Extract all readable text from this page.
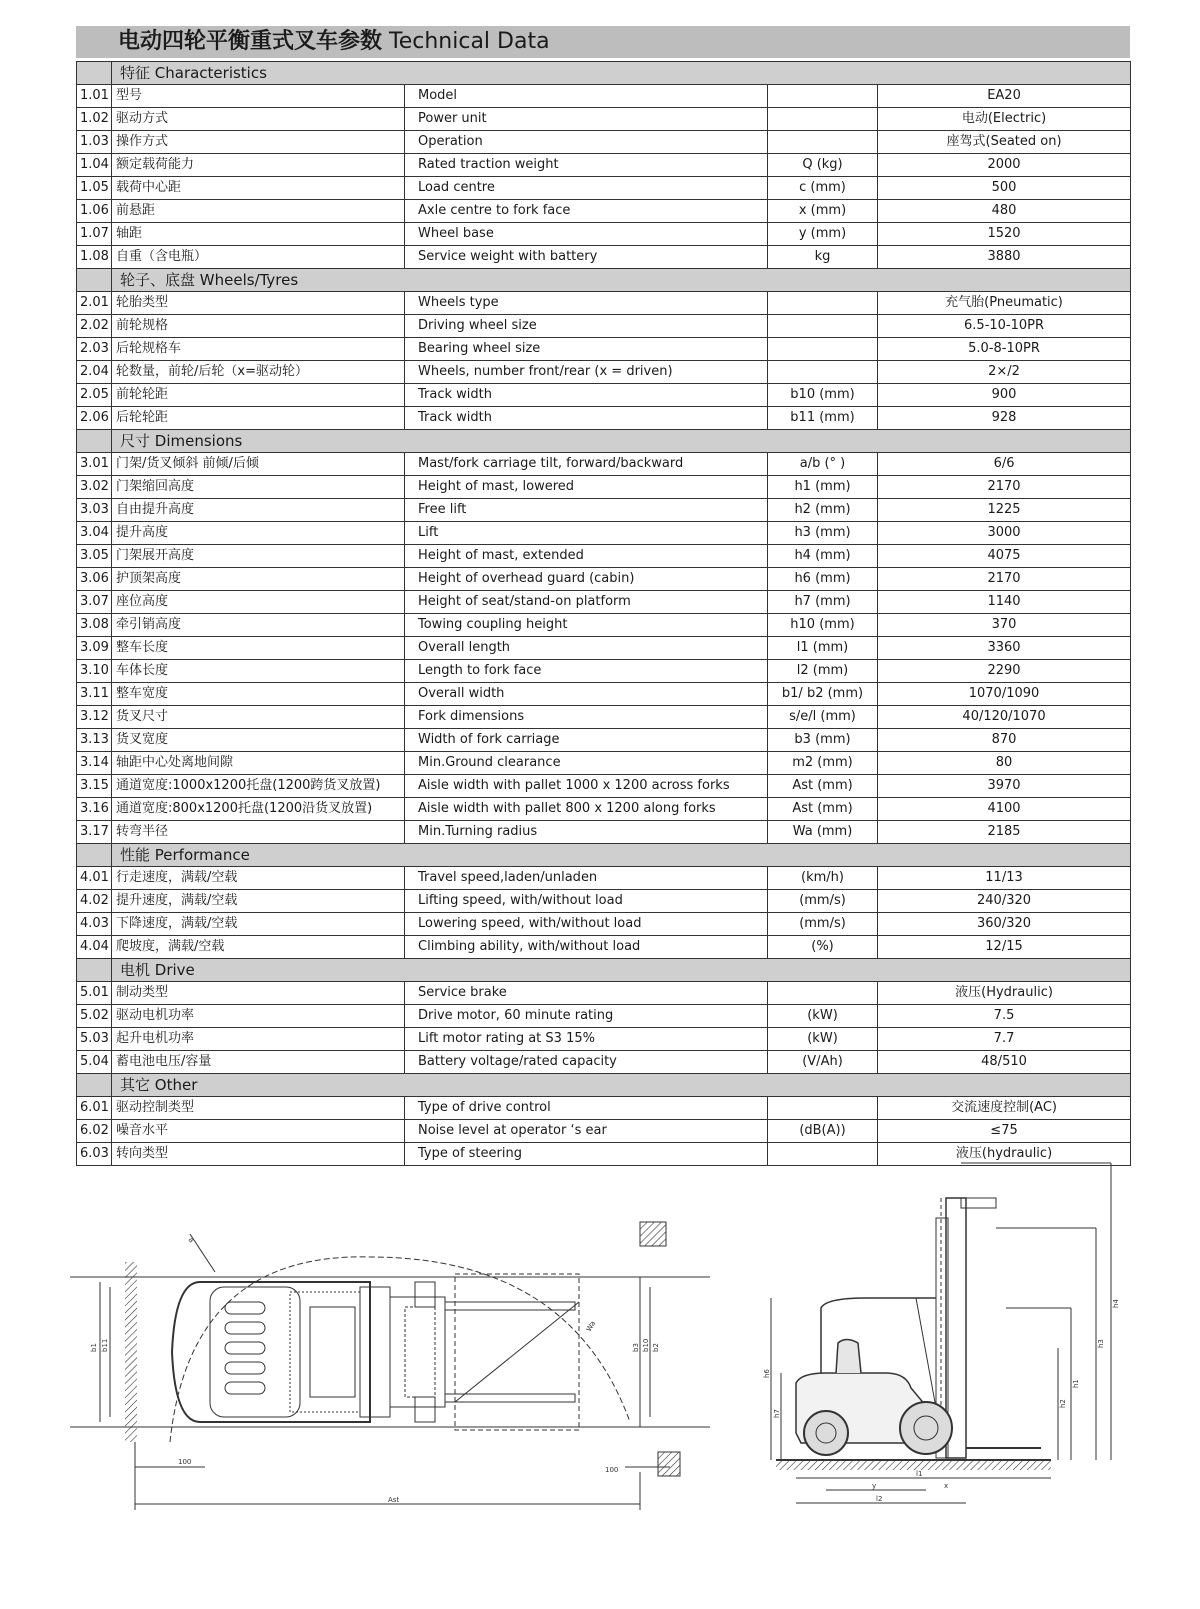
电动四轮平衡重式叉车参数 Technical Data
	特征 Characteristics			
1.01	型号	Model		EA20
1.02	驱动方式	Power unit		电动(Electric)
1.03	操作方式	Operation		座驾式(Seated on)
1.04	额定载荷能力	Rated traction weight	Q (kg)	2000
1.05	载荷中心距	Load centre	c (mm)	500
1.06	前悬距	Axle centre to fork face	x (mm)	480
1.07	轴距	Wheel base	y (mm)	1520
1.08	自重（含电瓶）	Service weight with battery	kg	3880
	轮子、底盘 Wheels/Tyres			
2.01	轮胎类型	Wheels type		充气胎(Pneumatic)
2.02	前轮规格	Driving wheel size		6.5-10-10PR
2.03	后轮规格车	Bearing wheel size		5.0-8-10PR
2.04	轮数量，前轮/后轮（x=驱动轮）	Wheels, number front/rear (x = driven)		2×/2
2.05	前轮轮距	Track width	b10 (mm)	900
2.06	后轮轮距	Track width	b11 (mm)	928
	尺寸 Dimensions			
3.01	门架/货叉倾斜 前倾/后倾	Mast/fork carriage tilt, forward/backward	a/b (° )	6/6
3.02	门架缩回高度	Height of mast, lowered	h1 (mm)	2170
3.03	自由提升高度	Free lift	h2 (mm)	1225
3.04	提升高度	Lift	h3 (mm)	3000
3.05	门架展开高度	Height of mast, extended	h4 (mm)	4075
3.06	护顶架高度	Height of overhead guard (cabin)	h6 (mm)	2170
3.07	座位高度	Height of seat/stand-on platform	h7 (mm)	1140
3.08	牵引销高度	Towing coupling height	h10 (mm)	370
3.09	整车长度	Overall length	l1 (mm)	3360
3.10	车体长度	Length to fork face	l2 (mm)	2290
3.11	整车宽度	Overall width	b1/ b2 (mm)	1070/1090
3.12	货叉尺寸	Fork dimensions	s/e/l (mm)	40/120/1070
3.13	货叉宽度	Width of fork carriage	b3 (mm)	870
3.14	轴距中心处离地间隙	Min.Ground clearance	m2 (mm)	80
3.15	通道宽度:1000x1200托盘(1200跨货叉放置)	Aisle width with pallet 1000 x 1200 across forks	Ast (mm)	3970
3.16	通道宽度:800x1200托盘(1200沿货叉放置)	Aisle width with pallet 800 x 1200 along forks	Ast (mm)	4100
3.17	转弯半径	Min.Turning radius	Wa (mm)	2185
	性能 Performance			
4.01	行走速度，满载/空载	Travel speed,laden/unladen	(km/h)	11/13
4.02	提升速度，满载/空载	Lifting speed, with/without load	(mm/s)	240/320
4.03	下降速度，满载/空载	Lowering speed, with/without load	(mm/s)	360/320
4.04	爬坡度，满载/空载	Climbing ability, with/without load	(%)	12/15
	电机 Drive			
5.01	制动类型	Service brake		液压(Hydraulic)
5.02	驱动电机功率	Drive motor, 60 minute rating	(kW)	7.5
5.03	起升电机功率	Lift motor rating at S3 15%	(kW)	7.7
5.04	蓄电池电压/容量	Battery voltage/rated capacity	(V/Ah)	48/510
	其它 Other			
6.01	驱动控制类型	Type of drive control		交流速度控制(AC)
6.02	噪音水平	Noise level at operator ‘s ear	(dB(A))	≤75
6.03	转向类型	Type of steering		液压(hydraulic)
b1 b11	b3 b10 b2
100
100
Ast
Wa
a
h4
h3
h1
h2
h6
h7
l1
l2
y	x
